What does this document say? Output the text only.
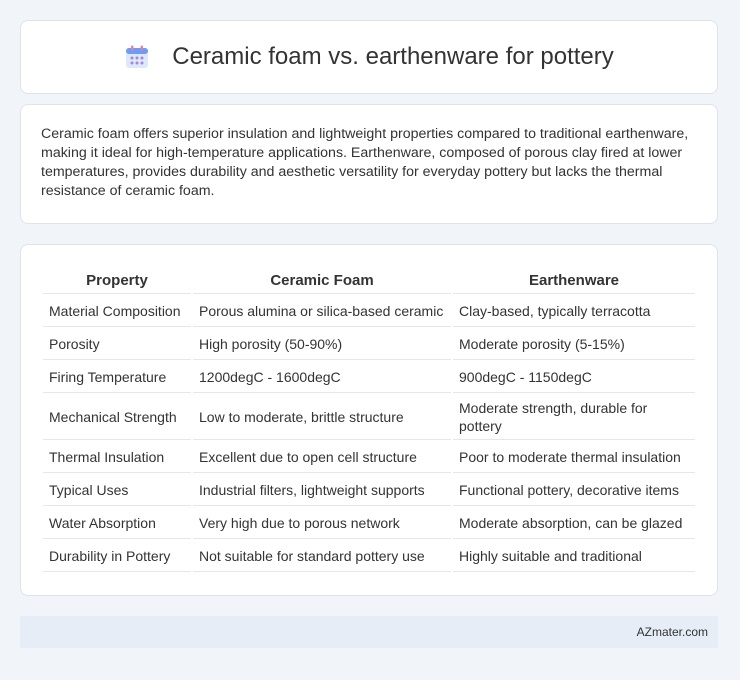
Ceramic foam vs. earthenware for pottery

Ceramic foam offers superior insulation and lightweight properties compared to traditional earthenware, making it ideal for high-temperature applications. Earthenware, composed of porous clay fired at lower temperatures, provides durability and aesthetic versatility for everyday pottery but lacks the thermal resistance of ceramic foam.

Property	Ceramic Foam	Earthenware
Material Composition	Porous alumina or silica-based ceramic	Clay-based, typically terracotta
Porosity	High porosity (50-90%)	Moderate porosity (5-15%)
Firing Temperature	1200degC - 1600degC	900degC - 1150degC
Mechanical Strength	Low to moderate, brittle structure	Moderate strength, durable for pottery
Thermal Insulation	Excellent due to open cell structure	Poor to moderate thermal insulation
Typical Uses	Industrial filters, lightweight supports	Functional pottery, decorative items
Water Absorption	Very high due to porous network	Moderate absorption, can be glazed
Durability in Pottery	Not suitable for standard pottery use	Highly suitable and traditional
AZmater.com
